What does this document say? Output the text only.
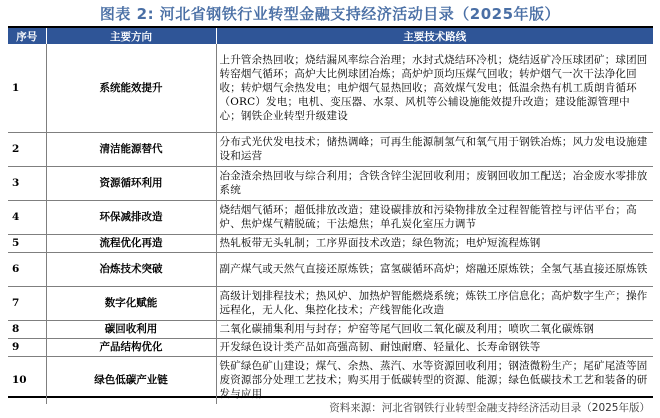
图表 2: 河北省钢铁行业转型金融支持经济活动目录（2025年版）
序号	主要方向	主要技术路线
1	系统能效提升	上升管余热回收；烧结漏风率综合治理；水封式烧结环冷机；烧结返矿冷压球团矿；球团回转窑烟气循环；高炉大比例球团冶炼；高炉炉顶均压煤气回收；转炉烟气一次干法净化回收；转炉烟气余热发电；电炉烟气显热回收；高效煤气发电；低温余热有机工质朗肯循环（ORC）发电；电机、变压器、水泵、风机等公辅设施能效提升改造；建设能源管理中心；钢铁企业转型升级建设
2	清洁能源替代	分布式光伏发电技术；储热调峰；可再生能源制氢气和氧气用于钢铁冶炼；风力发电设施建设和运营
3	资源循环利用	冶金渣余热回收与综合利用；含铁含锌尘泥回收利用；废钢回收加工配送；冶金废水零排放系统
4	环保减排改造	烧结烟气循环；超低排放改造；建设碳排放和污染物排放全过程智能管控与评估平台；高炉、焦炉煤气精脱硫；干法熄焦；单孔炭化室压力调节
5	流程优化再造	热轧板带无头轧制；工序界面技术改造；绿色物流；电炉短流程炼钢
6	冶炼技术突破	副产煤气或天然气直接还原炼铁；富氢碳循环高炉；熔融还原炼铁；全氢气基直接还原炼铁
7	数字化赋能	高级计划排程技术；热风炉、加热炉智能燃烧系统；炼铁工序信息化；高炉数字生产；操作远程化，无人化、集控化技术；产线智能化改造
8	碳回收利用	二氧化碳捕集利用与封存；炉窑等尾气回收二氧化碳及利用；喷吹二氧化碳炼钢
9	产品结构优化	开发绿色设计类产品如高强高韧、耐蚀耐磨、轻量化、长寿命钢铁等
10	绿色低碳产业链	铁矿绿色矿山建设；煤气、余热、蒸汽、水等资源回收利用；钢渣微粉生产；尾矿尾渣等固废资源部分处理工艺技术；购买用于低碳转型的资源、能源；绿色低碳技术工艺和装备的研发与应用
资料来源：河北省钢铁行业转型金融支持经济活动目录（2025年版）
